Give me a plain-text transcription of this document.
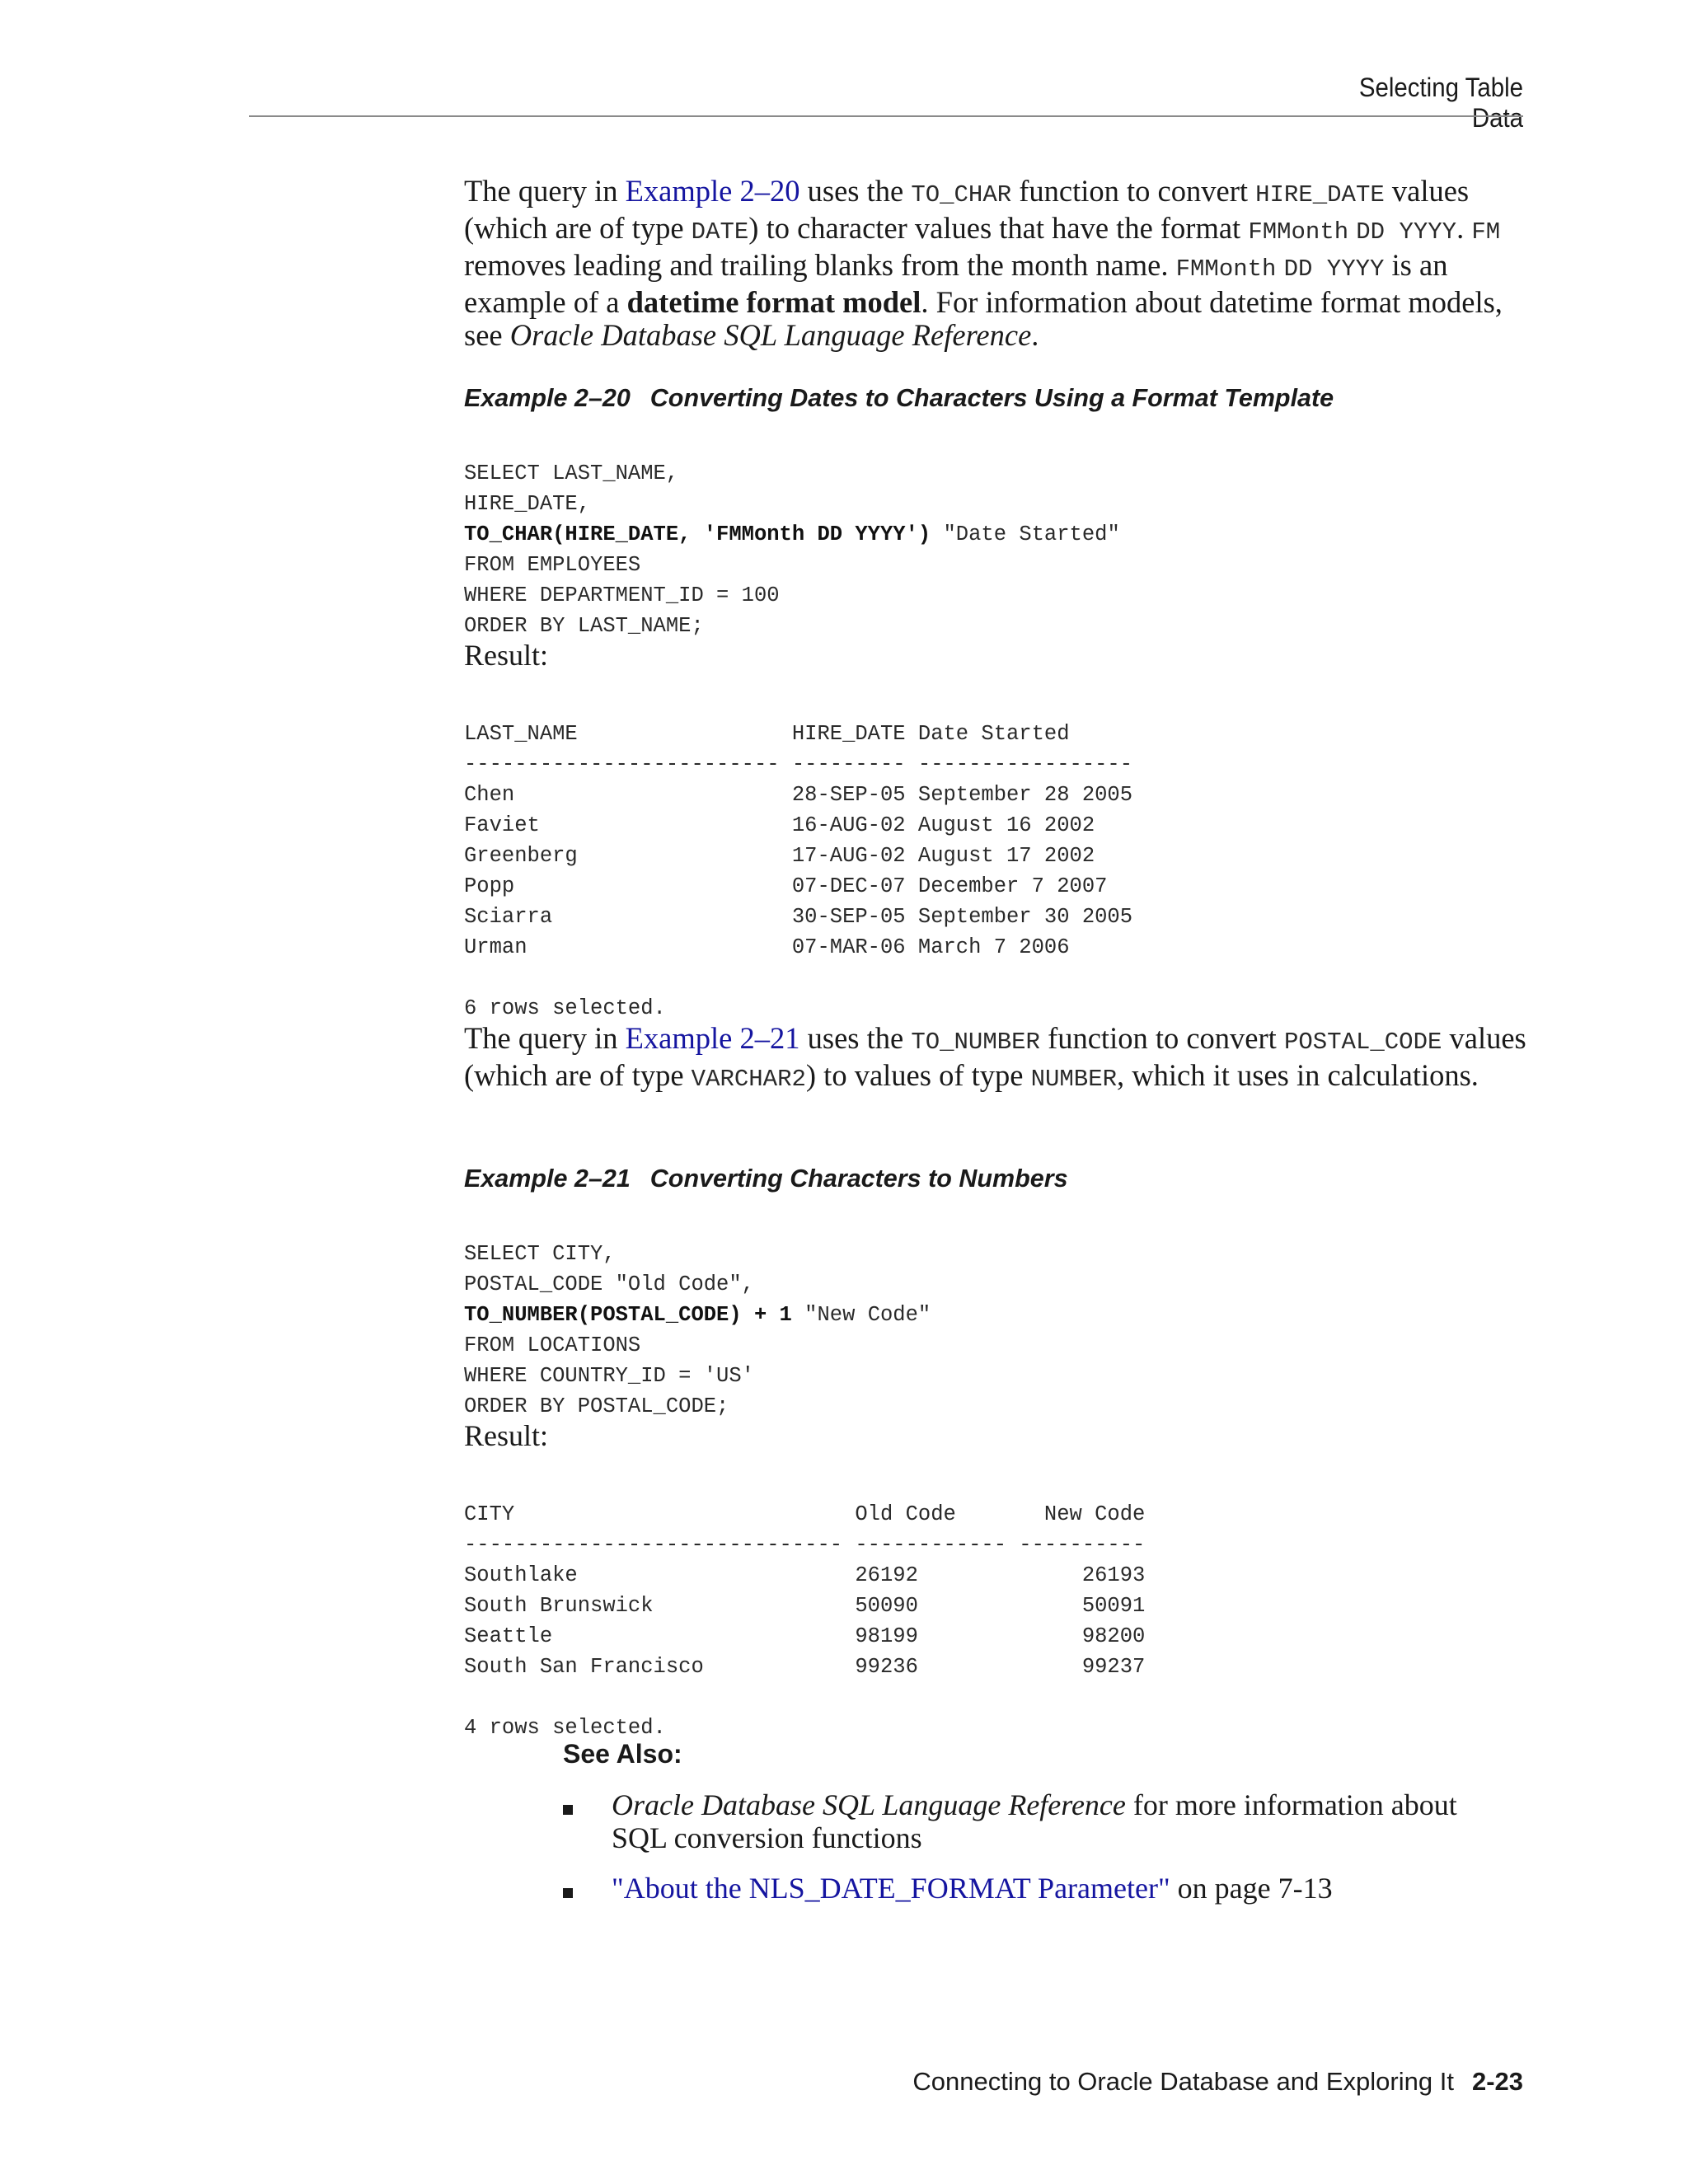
Selecting Table Data
The query in Example 2–20 uses the TO_CHAR function to convert HIRE_DATE values (which are of type DATE) to character values that have the format FMMonth DD YYYY. FM removes leading and trailing blanks from the month name. FMMonth DD YYYY is an example of a datetime format model. For information about datetime format models, see Oracle Database SQL Language Reference.
Example 2–20 Converting Dates to Characters Using a Format Template

SELECT LAST_NAME,
HIRE_DATE,
TO_CHAR(HIRE_DATE, 'FMMonth DD YYYY') "Date Started"
FROM EMPLOYEES
WHERE DEPARTMENT_ID = 100
ORDER BY LAST_NAME;

Result:

LAST_NAME                 HIRE_DATE Date Started
------------------------- --------- -----------------
Chen                      28-SEP-05 September 28 2005
Faviet                    16-AUG-02 August 16 2002
Greenberg                 17-AUG-02 August 17 2002
Popp                      07-DEC-07 December 7 2007
Sciarra                   30-SEP-05 September 30 2005
Urman                     07-MAR-06 March 7 2006
6 rows selected.

The query in Example 2–21 uses the TO_NUMBER function to convert POSTAL_CODE values (which are of type VARCHAR2) to values of type NUMBER, which it uses in calculations.
Example 2–21 Converting Characters to Numbers

SELECT CITY,
POSTAL_CODE "Old Code",
TO_NUMBER(POSTAL_CODE) + 1 "New Code"
FROM LOCATIONS
WHERE COUNTRY_ID = 'US'
ORDER BY POSTAL_CODE;

Result:

CITY                           Old Code       New Code
------------------------------ ------------ ----------
Southlake                      26192             26193
South Brunswick                50090             50091
Seattle                        98199             98200
South San Francisco            99236             99237
4 rows selected.

See Also:
Oracle Database SQL Language Reference for more information about SQL conversion functions
"About the NLS_DATE_FORMAT Parameter" on page 7-13
Connecting to Oracle Database and Exploring It 2-23
